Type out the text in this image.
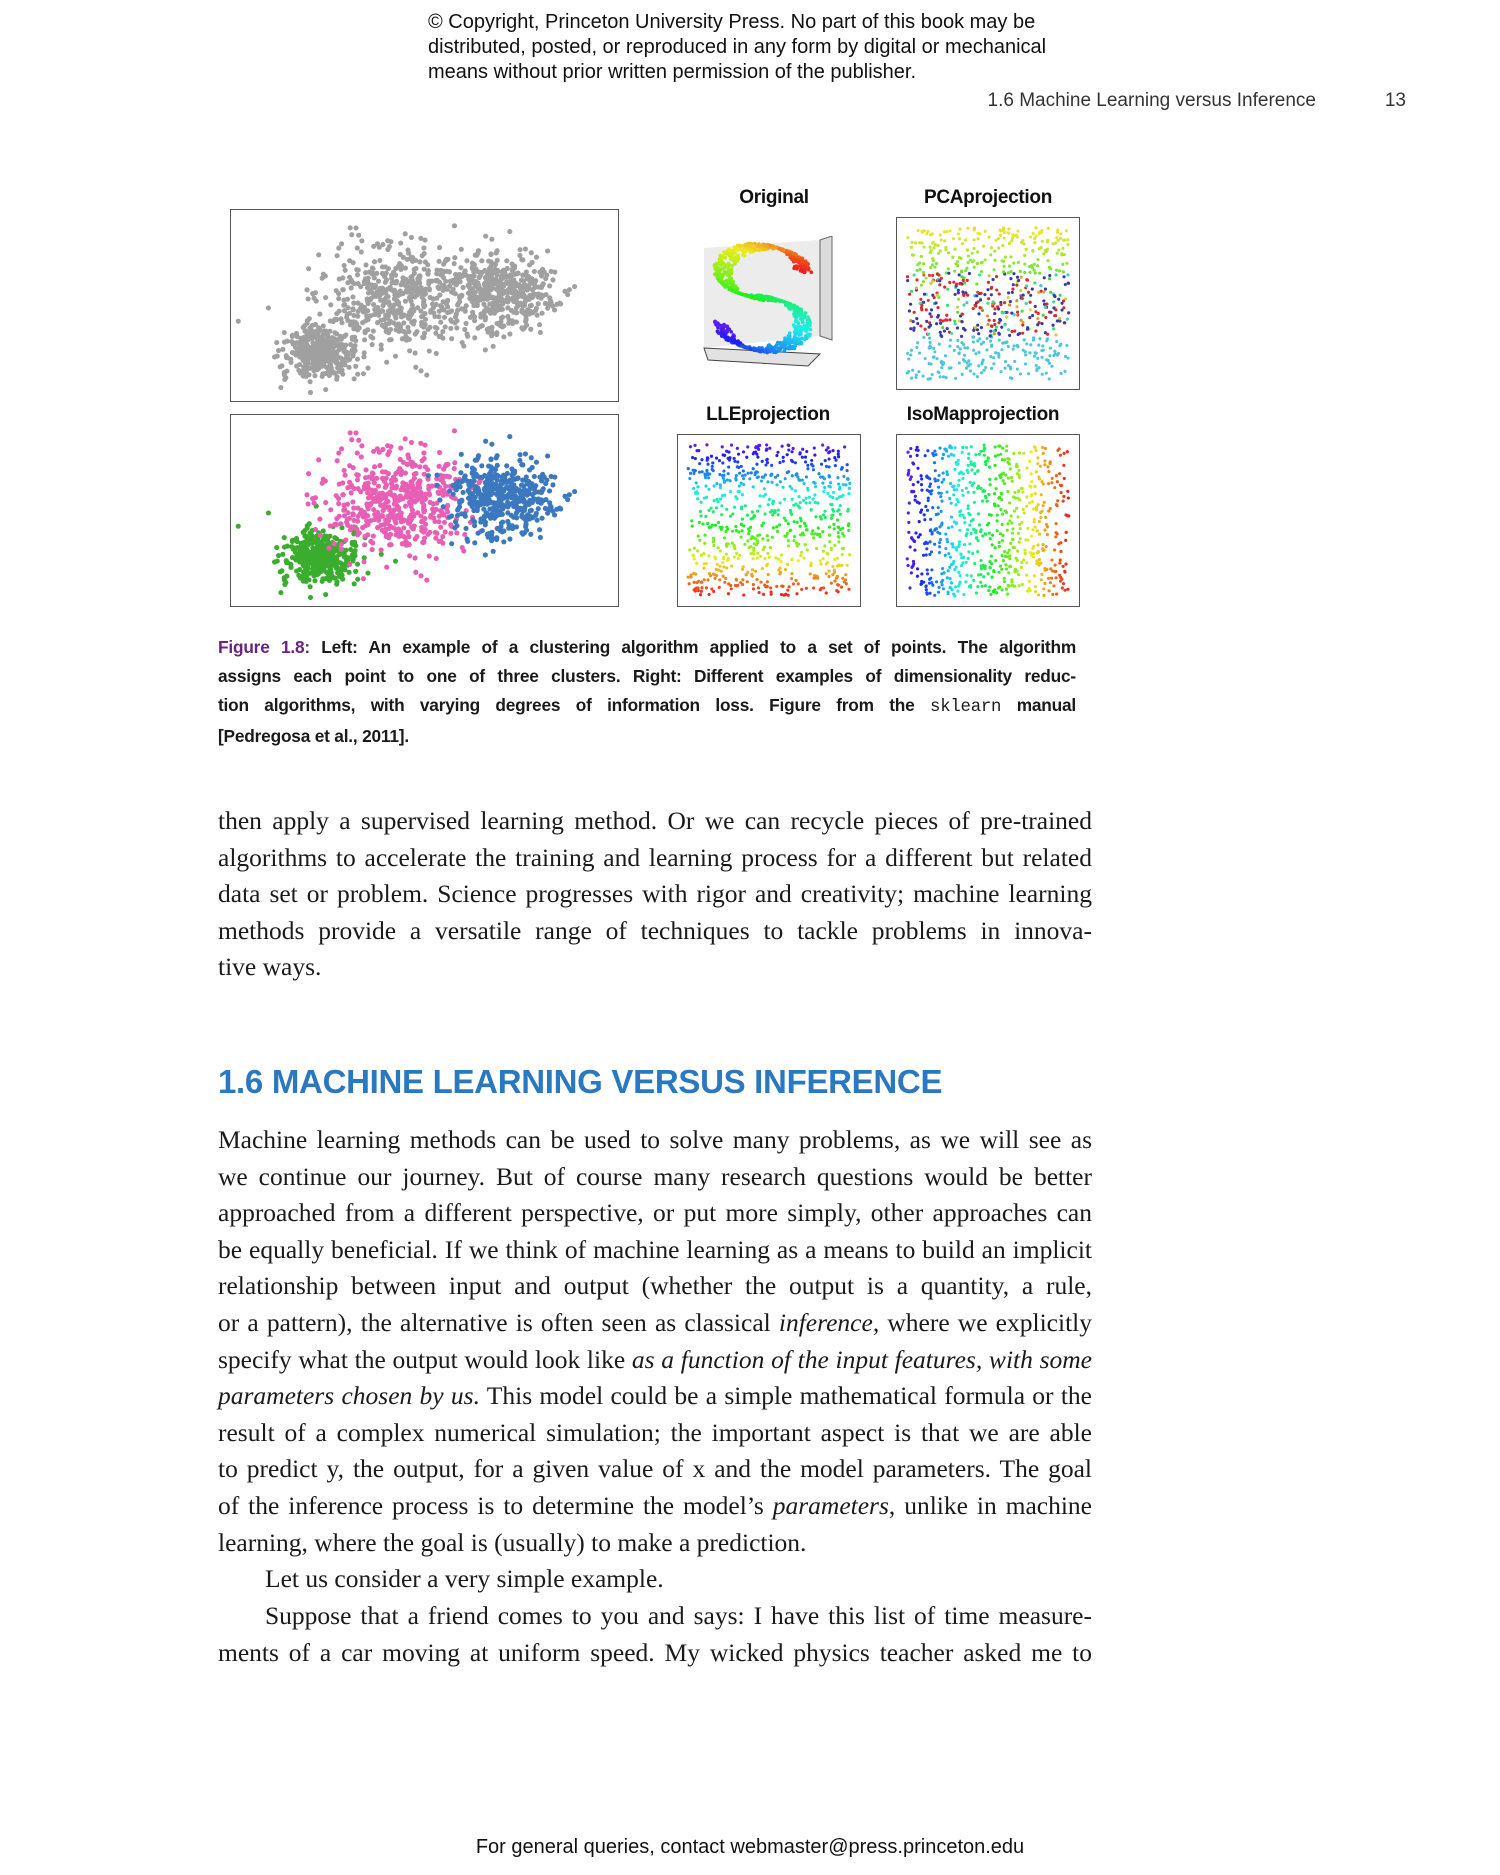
© Copyright, Princeton University Press. No part of this book may be
distributed, posted, or reproduced in any form by digital or mechanical
means without prior written permission of the publisher.
1.6 Machine Learning versus Inference	13
Original	PCAprojection
LLEprojection	IsoMapprojection
Figure 1.8: Left: An example of a clustering algorithm applied to a set of points. The algorithm
assigns each point to one of three clusters. Right: Different examples of dimensionality reduc-
tion algorithms, with varying degrees of information loss. Figure from the sklearn manual
[Pedregosa et al., 2011].
then apply a supervised learning method. Or we can recycle pieces of pre-trained
algorithms to accelerate the training and learning process for a different but related
data set or problem. Science progresses with rigor and creativity; machine learning
methods provide a versatile range of techniques to tackle problems in innova-
tive ways.
1.6 MACHINE LEARNING VERSUS INFERENCE
Machine learning methods can be used to solve many problems, as we will see as
we continue our journey. But of course many research questions would be better
approached from a different perspective, or put more simply, other approaches can
be equally beneficial. If we think of machine learning as a means to build an implicit
relationship between input and output (whether the output is a quantity, a rule,
or a pattern), the alternative is often seen as classical inference, where we explicitly
specify what the output would look like as a function of the input features, with some
parameters chosen by us. This model could be a simple mathematical formula or the
result of a complex numerical simulation; the important aspect is that we are able
to predict y, the output, for a given value of x and the model parameters. The goal
of the inference process is to determine the model’s parameters, unlike in machine
learning, where the goal is (usually) to make a prediction.
Let us consider a very simple example.
Suppose that a friend comes to you and says: I have this list of time measure-
ments of a car moving at uniform speed. My wicked physics teacher asked me to
For general queries, contact webmaster@press.princeton.edu
